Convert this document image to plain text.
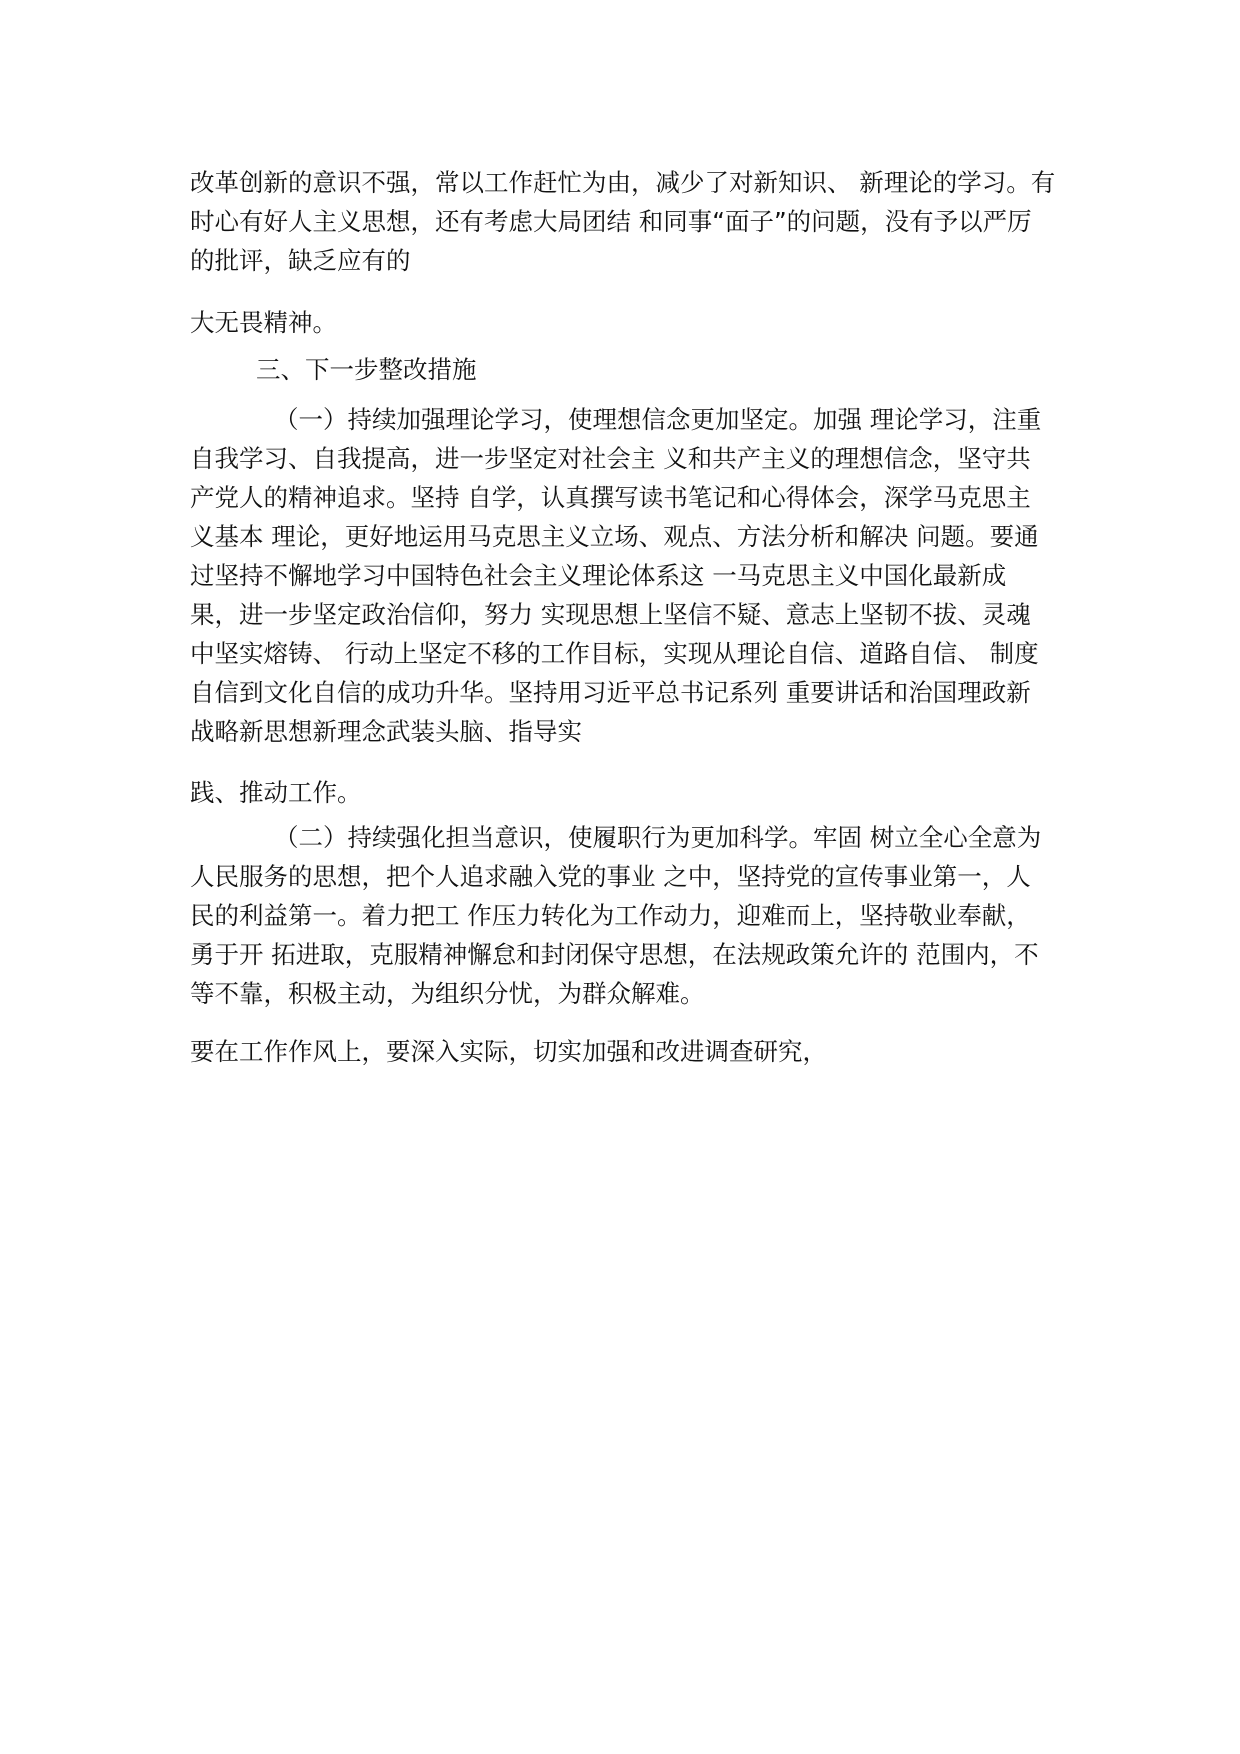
改革创新的意识不强，常以工作赶忙为由，减少了对新知识、 新理论的学习。有
时心有好人主义思想，还有考虑大局团结 和同事“面子”的问题，没有予以严厉
的批评，缺乏应有的
大无畏精神。
三、下一步整改措施
（一）持续加强理论学习，使理想信念更加坚定。加强 理论学习，注重
自我学习、自我提高，进一步坚定对社会主 义和共产主义的理想信念，坚守共
产党人的精神追求。坚持 自学，认真撰写读书笔记和心得体会，深学马克思主
义基本 理论，更好地运用马克思主义立场、观点、方法分析和解决 问题。要通
过坚持不懈地学习中国特色社会主义理论体系这 一马克思主义中国化最新成
果，进一步坚定政治信仰，努力 实现思想上坚信不疑、意志上坚韧不拔、灵魂
中坚实熔铸、 行动上坚定不移的工作目标，实现从理论自信、道路自信、 制度
自信到文化自信的成功升华。坚持用习近平总书记系列 重要讲话和治国理政新
战略新思想新理念武装头脑、指导实
践、推动工作。
（二）持续强化担当意识，使履职行为更加科学。牢固 树立全心全意为
人民服务的思想，把个人追求融入党的事业 之中，坚持党的宣传事业第一，人
民的利益第一。着力把工 作压力转化为工作动力，迎难而上，坚持敬业奉献，
勇于开 拓进取，克服精神懈怠和封闭保守思想，在法规政策允许的 范围内，不
等不靠，积极主动，为组织分忧，为群众解难。
要在工作作风上，要深入实际，切实加强和改进调查研究，
